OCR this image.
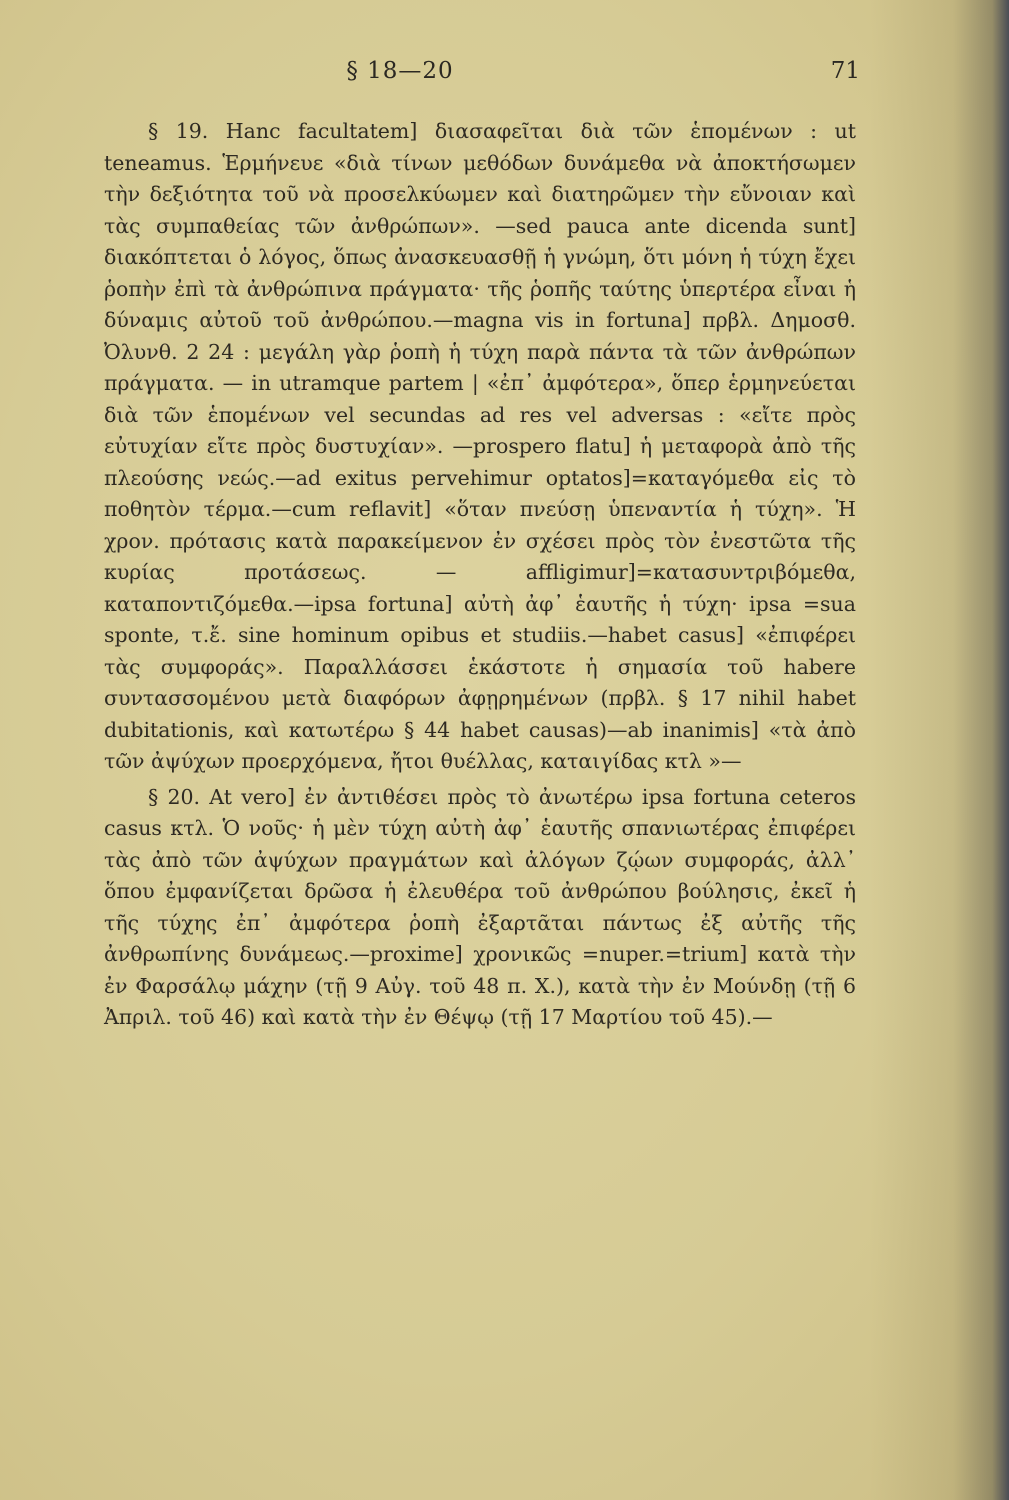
§ 18—20	71

§ 19. Hanc facultatem] διασαφεῖται διὰ τῶν ἑπομένων : ut teneamus. Ἑρμήνευε «διὰ τίνων μεθόδων δυνάμεθα νὰ ἀποκτήσωμεν τὴν δεξιότητα τοῦ νὰ προσελκύωμεν καὶ διατηρῶμεν τὴν εὔνοιαν καὶ τὰς συμπαθείας τῶν ἀνθρώπων». —sed pauca ante dicenda sunt] διακόπτεται ὁ λόγος, ὅπως ἀνασκευασθῇ ἡ γνώμη, ὅτι μόνη ἡ τύχη ἔχει ῥοπὴν ἐπὶ τὰ ἀνθρώπινα πράγματα· τῆς ῥοπῆς ταύτης ὑπερτέρα εἶναι ἡ δύναμις αὐτοῦ τοῦ ἀνθρώπου.—magna vis in fortuna] πρβλ. Δημοσθ. Ὀλυνθ. 2 24 : μεγάλη γὰρ ῥοπὴ ἡ τύχη παρὰ πάντα τὰ τῶν ἀνθρώπων πράγματα. — in utramque partem | «ἐπ᾽ ἀμφότερα», ὅπερ ἑρμηνεύεται διὰ τῶν ἑπομένων vel secundas ad res vel adversas : «εἴτε πρὸς εὐτυχίαν εἴτε πρὸς δυστυχίαν». —prospero flatu] ἡ μεταφορὰ ἀπὸ τῆς πλεούσης νεώς.—ad exitus pervehimur optatos]=καταγόμεθα εἰς τὸ ποθητὸν τέρμα.—cum reflavit] «ὅταν πνεύσῃ ὑπεναντία ἡ τύχη». Ἡ χρον. πρότασις κατὰ παρακείμενον ἐν σχέσει πρὸς τὸν ἐνεστῶτα τῆς κυρίας προτάσεως. — affligimur]=κατασυντριβόμεθα, καταποντιζόμεθα.—ipsa fortuna] αὐτὴ ἀφ᾽ ἑαυτῆς ἡ τύχη· ipsa =sua sponte, τ.ἔ. sine hominum opibus et studiis.—habet casus] «ἐπιφέρει τὰς συμφοράς». Παραλλάσσει ἑκάστοτε ἡ σημασία τοῦ habere συντασσομένου μετὰ διαφόρων ἀφῃρημένων (πρβλ. § 17 nihil habet dubitationis, καὶ κατωτέρω § 44 habet causas)—ab inanimis] «τὰ ἀπὸ τῶν ἀψύχων προερχόμενα, ἤτοι θυέλλας, καταιγίδας κτλ »—

§ 20. At vero] ἐν ἀντιθέσει πρὸς τὸ ἀνωτέρω ipsa fortuna ceteros casus κτλ. Ὁ νοῦς· ἡ μὲν τύχη αὐτὴ ἀφ᾽ ἑαυτῆς σπανιωτέρας ἐπιφέρει τὰς ἀπὸ τῶν ἀψύχων πραγμάτων καὶ ἀλόγων ζῴων συμφοράς, ἀλλ᾽ ὅπου ἐμφανίζεται δρῶσα ἡ ἐλευθέρα τοῦ ἀνθρώπου βούλησις, ἐκεῖ ἡ τῆς τύχης ἐπ᾽ ἀμφότερα ῥοπὴ ἐξαρτᾶται πάντως ἐξ αὐτῆς τῆς ἀνθρωπίνης δυνάμεως.—proxime] χρονικῶς =nuper.=trium] κατὰ τὴν ἐν Φαρσάλῳ μάχην (τῇ 9 Αὐγ. τοῦ 48 π. Χ.), κατὰ τὴν ἐν Μούνδῃ (τῇ 6 Ἀπριλ. τοῦ 46) καὶ κατὰ τὴν ἐν Θέψῳ (τῇ 17 Μαρτίου τοῦ 45).—
